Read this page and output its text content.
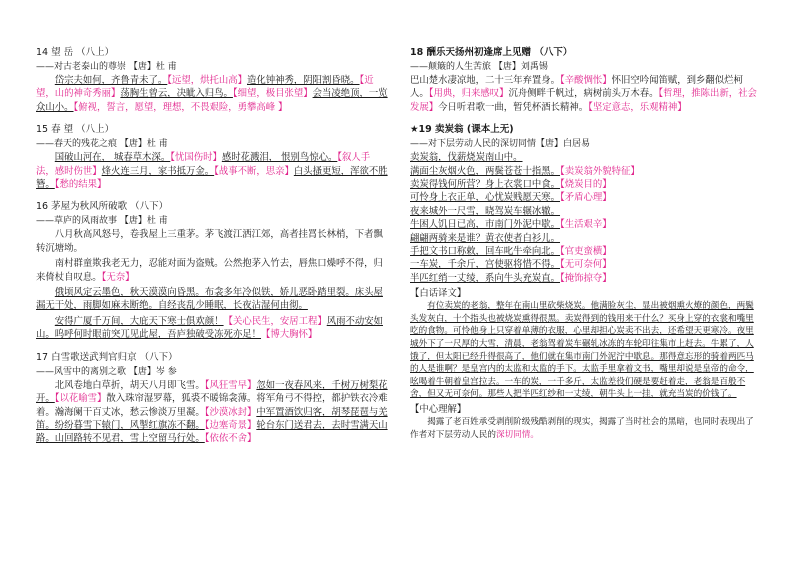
14 望 岳 （八上）
——对古老泰山的尊崇 【唐】杜 甫
岱宗夫如何，齐鲁青未了。【远望，烘托山高】造化钟神秀，阴阳割昏晓。【近望，山的神奇秀丽】荡胸生曾云，决眦入归鸟。【细望，极目张望】会当凌绝顶，一览众山小。【俯视，誓言，愿望，理想，不畏艰险，勇攀高峰 】
15 春 望 （八上）
——春天的残花之痕 【唐】杜 甫
国破山河在， 城春草木深。【忧国伤时】感时花溅泪， 恨别鸟惊心。【叙人手法，感时伤世】烽火连三月，家书抵万金。【战事不断，思亲】白头搔更短，浑欲不胜簪。【愁的结果】
16 茅屋为秋风所破歌 （八下）
——草庐的风雨故事 【唐】杜 甫
八月秋高风怒号，卷我屋上三重茅。茅飞渡江洒江郊，高者挂罥长林梢，下者飘转沉塘坳。
南村群童欺我老无力，忍能对面为盗贼。公然抱茅入竹去，唇焦口燥呼不得，归来倚杖自叹息。【无奈】
俄顷风定云墨色，秋天漠漠向昏黑。布衾多年冷似铁，娇儿恶卧踏里裂。床头屋漏无干处，雨脚如麻未断绝。自经丧乱少睡眠，长夜沾湿何由彻。
安得广厦千万间，大庇天下寒士俱欢颜！【关心民生，安居工程】风雨不动安如山。呜呼何时眼前突兀见此屋，吾庐独破受冻死亦足！【博大胸怀】
17 白雪歌送武判官归京 （八下）
——风雪中的离别之歌 【唐】岑 参
北风卷地白草折，胡天八月即飞雪。【风狂雪早】忽如一夜春风来，千树万树梨花开。【以花喻雪】散入珠帘湿罗幕，狐裘不暖锦衾薄。将军角弓不得控，都护铁衣冷难着。瀚海阑干百丈冰，愁云惨淡万里凝。【沙漠冰封】中军置酒饮归客，胡琴琵琶与羌笛。纷纷暮雪下辕门，风掣红旗冻不翻。【边塞奇景】轮台东门送君去，去时雪满天山路。山回路转不见君，雪上空留马行处。【依依不舍】
18 酬乐天扬州初逢席上见赠 （八下）
——颠簸的人生苦旅 【唐】刘禹锡
巴山楚水凄凉地，二十三年弃置身。【辛酸惆怅】怀旧空吟闻笛赋，到乡翻似烂柯人。【用典，归来感叹】沉舟侧畔千帆过，病树前头万木春。【哲理，推陈出新，社会发展】今日听君歌一曲，暂凭杯酒长精神。【坚定意志，乐观精神】
★19 卖炭翁 (课本上无)
——对下层劳动人民的深切同情【唐】白居易
卖炭翁，伐薪烧炭南山中。
满面尘灰烟火色，两鬓苍苍十指黑。【卖炭翁外貌特征】
卖炭得钱何所营？身上衣裳口中食。【烧炭目的】
可怜身上衣正单，心忧炭贱愿天寒。【矛盾心理】
夜来城外一尺雪，晓驾炭车辗冰辙。
牛困人饥日已高，市南门外泥中歇。【生活艰辛】
翩翩两骑来是谁？黄衣使者白衫儿。
手把文书口称敕，回车叱牛牵向北。【官吏蛮横】
一车炭，千余斤，宫使驱将惜不得。【无可奈何】
半匹红绡一丈绫，系向牛头充炭直。【掩饰掠夺】
【白话译文】

有位卖炭的老翁，整年在南山里砍柴烧炭。他满脸灰尘，显出被烟熏火燎的颜色，两鬓头发灰白，十个指头也被烧炭熏得很黑。卖炭得到的钱用来干什么？买身上穿的衣裳和嘴里吃的食物。可怜他身上只穿着单薄的衣服，心里却担心炭卖不出去，还希望天更寒冷。夜里城外下了一尺厚的大雪，清晨，老翁驾着炭车碾轧冰冻的车轮印往集市上赶去。牛累了，人饿了，但太阳已经升得很高了，他们就在集市南门外泥泞中歇息。那得意忘形的骑着两匹马的人是谁啊？是皇宫内的太监和太监的手下。太监手里拿着文书，嘴里却说是皇帝的命令，吆喝着牛朝着皇宫拉去。一车的炭，一千多斤，太监差役们硬是要赶着走，老翁是百般不舍，但又无可奈何。那些人把半匹红纱和一丈绫，朝牛头上一挂，就充当炭的价钱了。

【中心理解】

揭露了老百姓承受剥削阶级残酷剥削的现实，揭露了当时社会的黑暗，也同时表现出了作者对下层劳动人民的深切同情。
